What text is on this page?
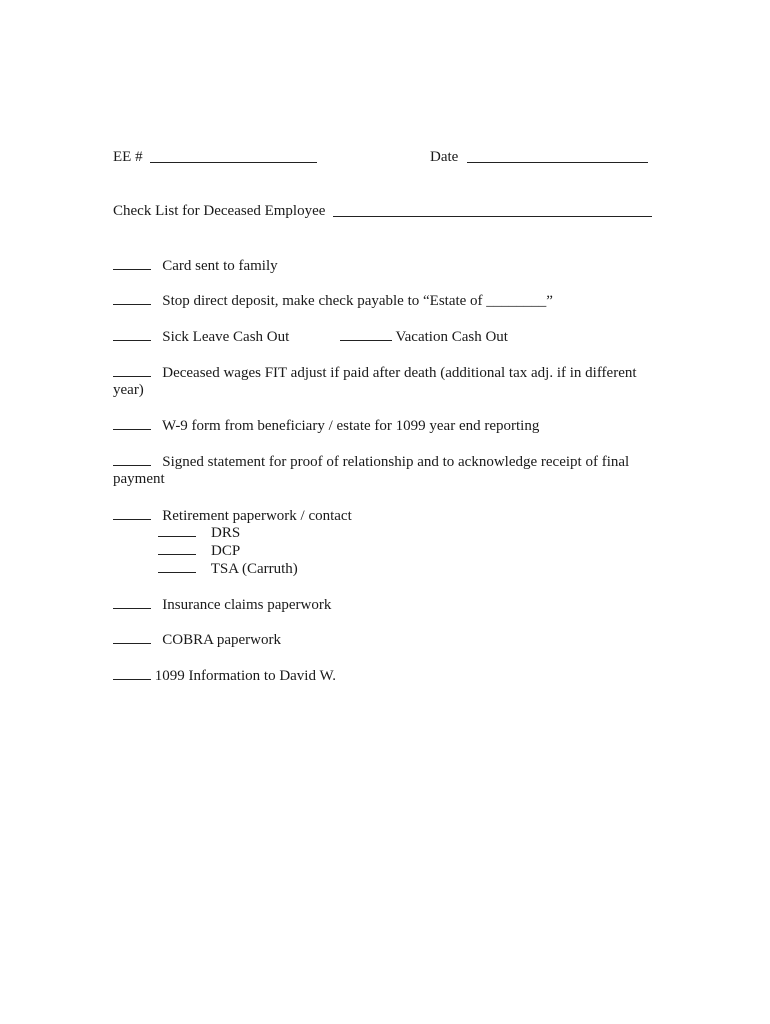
EE #	Date
Check List for Deceased Employee
Card sent to family
Stop direct deposit, make check payable to “Estate of ________”
Sick Leave Cash Out	Vacation Cash Out
Deceased wages FIT adjust if paid after death (additional tax adj. if in different
year)
W-9 form from beneficiary / estate for 1099 year end reporting
Signed statement for proof of relationship and to acknowledge receipt of final
payment
Retirement paperwork / contact
DRS
DCP
TSA (Carruth)
Insurance claims paperwork
COBRA paperwork
1099 Information to David W.
